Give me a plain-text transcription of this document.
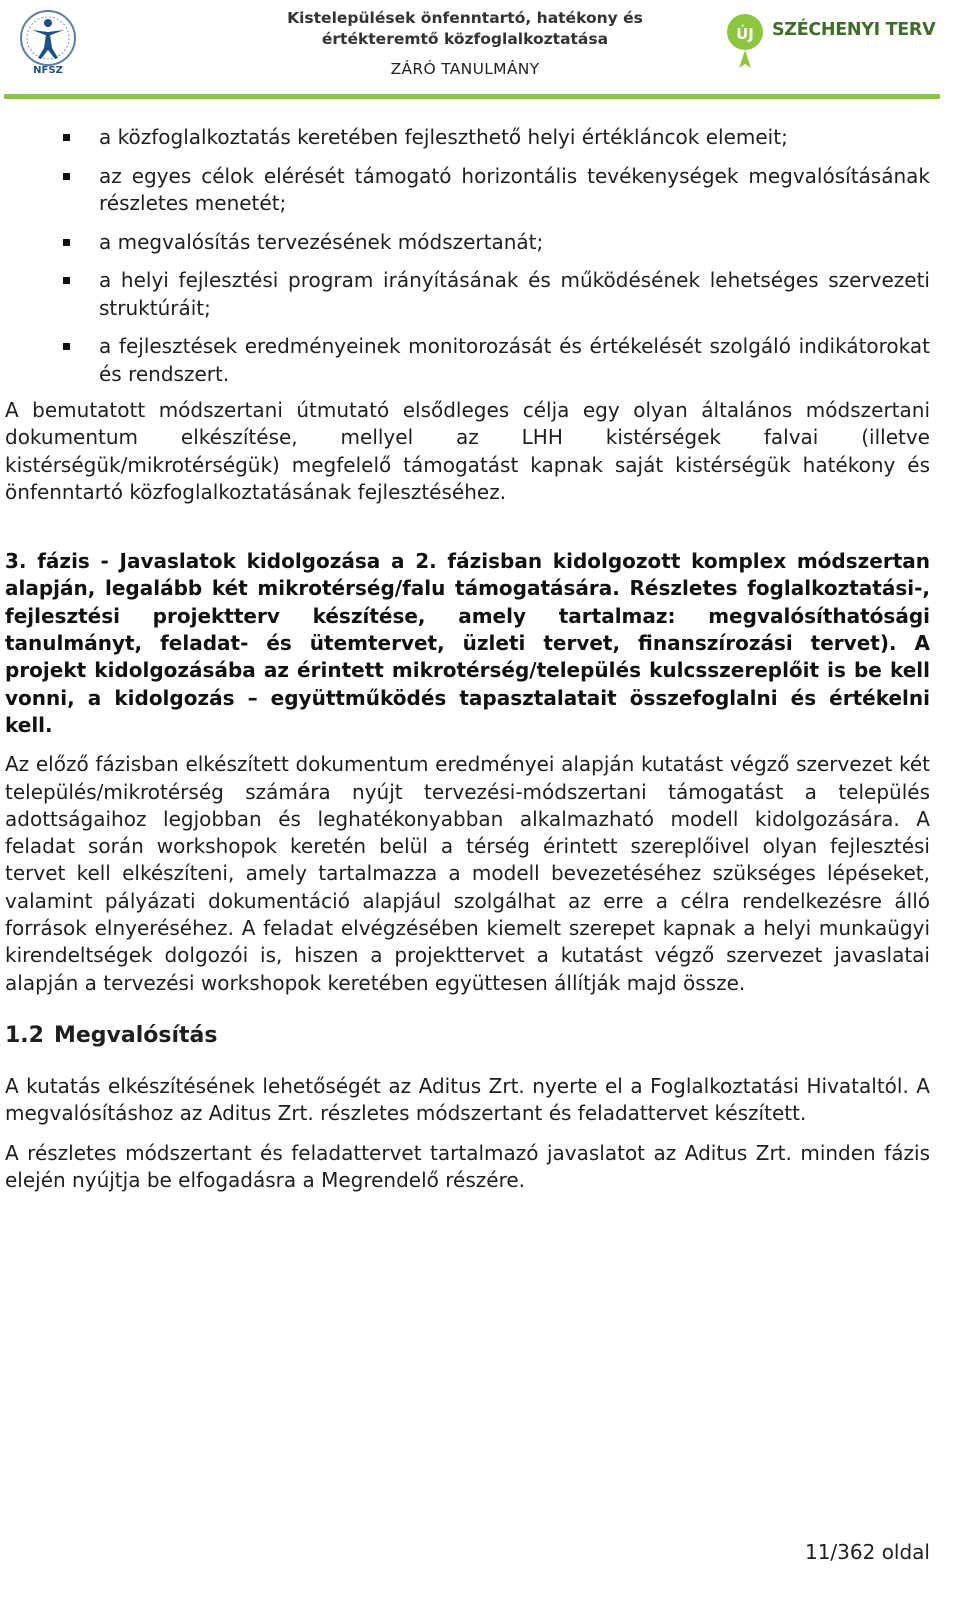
NFSZ
Kistelepülések önfenntartó, hatékony és
értékteremtő közfoglalkoztatása
ZÁRÓ TANULMÁNY
ÚJ SZÉCHENYI TERV
a közfoglalkoztatás keretében fejleszthető helyi értékláncok elemeit;
az egyes célok elérését támogató horizontális tevékenységek megvalósításának részletes menetét;
a megvalósítás tervezésének módszertanát;
a helyi fejlesztési program irányításának és működésének lehetséges szervezeti struktúráit;
a fejlesztések eredményeinek monitorozását és értékelését szolgáló indikátorokat és rendszert.

A bemutatott módszertani útmutató elsődleges célja egy olyan általános módszertani dokumentum elkészítése, mellyel az LHH kistérségek falvai (illetve kistérségük/mikrotérségük) megfelelő támogatást kapnak saját kistérségük hatékony és önfenntartó közfoglalkoztatásának fejlesztéséhez.

3. fázis - Javaslatok kidolgozása a 2. fázisban kidolgozott komplex módszertan alapján, legalább két mikrotérség/falu támogatására. Részletes foglalkoztatási-, fejlesztési projektterv készítése, amely tartalmaz: megvalósíthatósági tanulmányt, feladat- és ütemtervet, üzleti tervet, finanszírozási tervet). A projekt kidolgozásába az érintett mikrotérség/település kulcsszereplőit is be kell vonni, a kidolgozás – együttműködés tapasztalatait összefoglalni és értékelni kell.

Az előző fázisban elkészített dokumentum eredményei alapján kutatást végző szervezet két település/mikrotérség számára nyújt tervezési-módszertani támogatást a település adottságaihoz legjobban és leghatékonyabban alkalmazható modell kidolgozására. A feladat során workshopok keretén belül a térség érintett szereplőivel olyan fejlesztési tervet kell elkészíteni, amely tartalmazza a modell bevezetéséhez szükséges lépéseket, valamint pályázati dokumentáció alapjául szolgálhat az erre a célra rendelkezésre álló források elnyeréséhez. A feladat elvégzésében kiemelt szerepet kapnak a helyi munkaügyi kirendeltségek dolgozói is, hiszen a projekttervet a kutatást végző szervezet javaslatai alapján a tervezési workshopok keretében együttesen állítják majd össze.

1.2 Megvalósítás

A kutatás elkészítésének lehetőségét az Aditus Zrt. nyerte el a Foglalkoztatási Hivataltól. A megvalósításhoz az Aditus Zrt. részletes módszertant és feladattervet készített.

A részletes módszertant és feladattervet tartalmazó javaslatot az Aditus Zrt. minden fázis elején nyújtja be elfogadásra a Megrendelő részére.

11/362 oldal
